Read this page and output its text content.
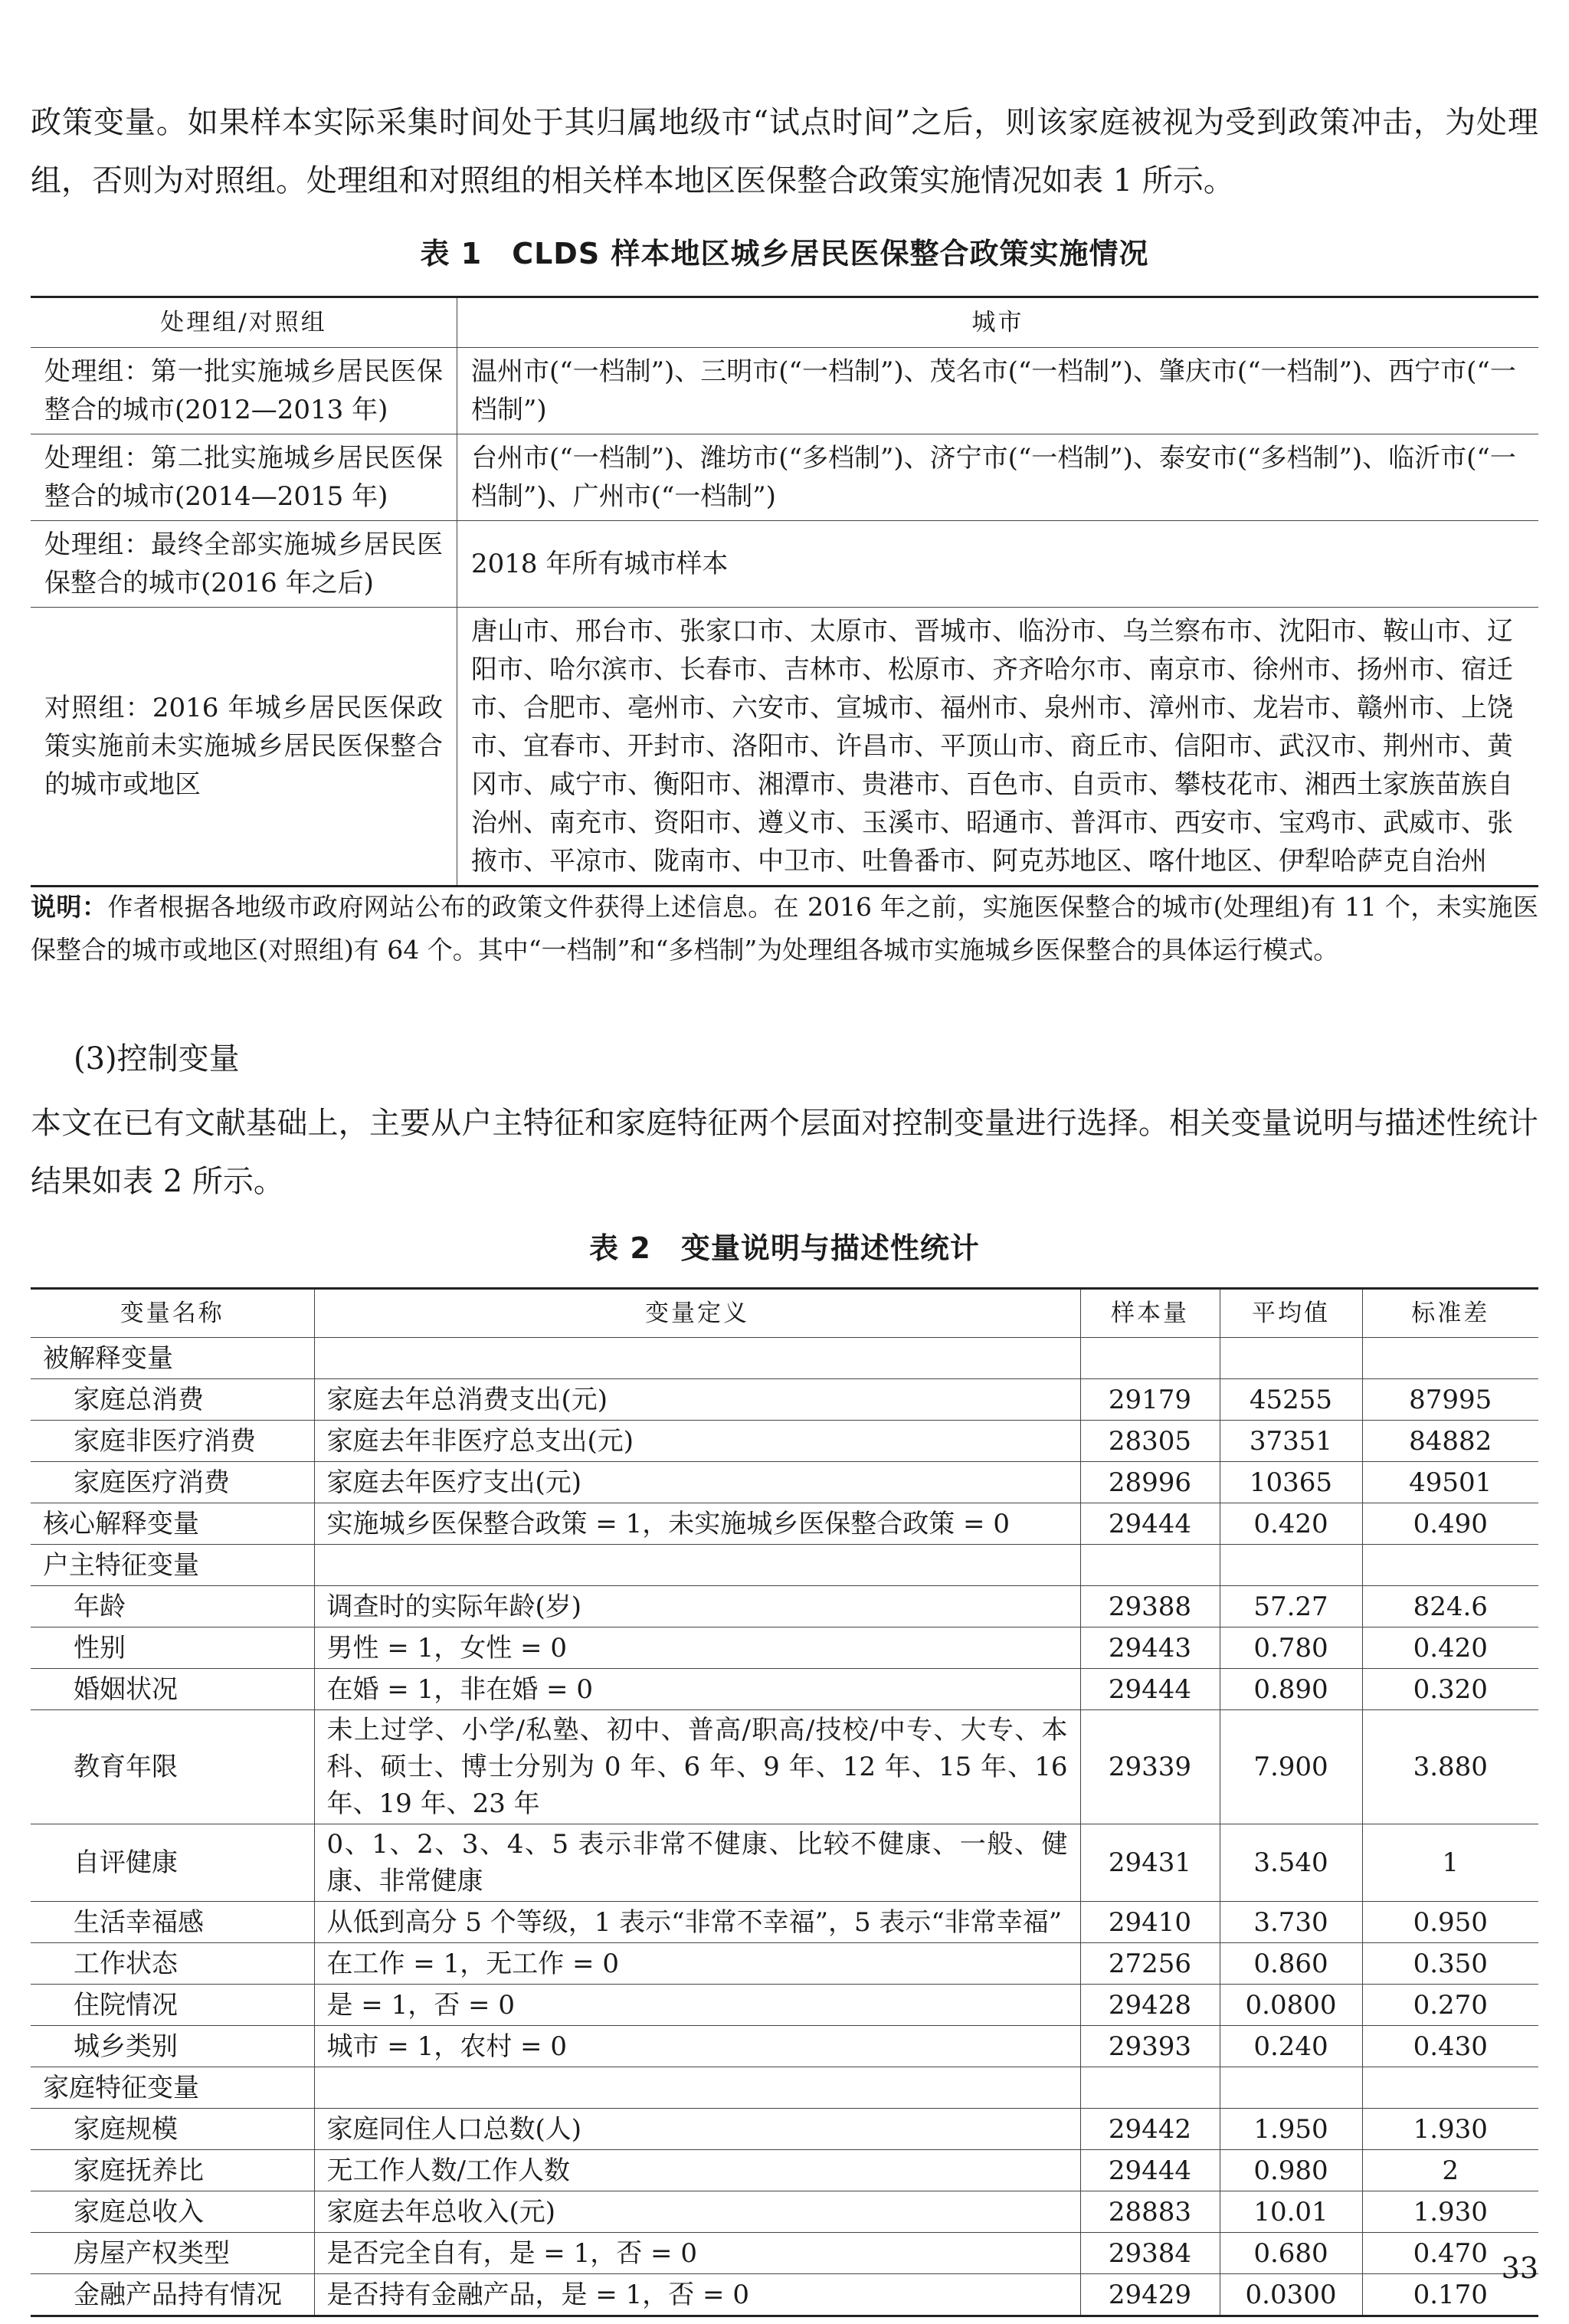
政策变量。如果样本实际采集时间处于其归属地级市“试点时间”之后，则该家庭被视为受到政策冲击，为处理组，否则为对照组。处理组和对照组的相关样本地区医保整合政策实施情况如表 1 所示。

表 1　CLDS 样本地区城乡居民医保整合政策实施情况
处理组/对照组	城市
处理组：第一批实施城乡居民医保整合的城市(2012—2013 年)	温州市(“一档制”)、三明市(“一档制”)、茂名市(“一档制”)、肇庆市(“一档制”)、西宁市(“一档制”)
处理组：第二批实施城乡居民医保整合的城市(2014—2015 年)	台州市(“一档制”)、潍坊市(“多档制”)、济宁市(“一档制”)、泰安市(“多档制”)、临沂市(“一档制”)、广州市(“一档制”)
处理组：最终全部实施城乡居民医保整合的城市(2016 年之后)	2018 年所有城市样本
对照组：2016 年城乡居民医保政策实施前未实施城乡居民医保整合的城市或地区	唐山市、邢台市、张家口市、太原市、晋城市、临汾市、乌兰察布市、沈阳市、鞍山市、辽阳市、哈尔滨市、长春市、吉林市、松原市、齐齐哈尔市、南京市、徐州市、扬州市、宿迁市、合肥市、亳州市、六安市、宣城市、福州市、泉州市、漳州市、龙岩市、赣州市、上饶市、宜春市、开封市、洛阳市、许昌市、平顶山市、商丘市、信阳市、武汉市、荆州市、黄冈市、咸宁市、衡阳市、湘潭市、贵港市、百色市、自贡市、攀枝花市、湘西土家族苗族自治州、南充市、资阳市、遵义市、玉溪市、昭通市、普洱市、西安市、宝鸡市、武威市、张掖市、平凉市、陇南市、中卫市、吐鲁番市、阿克苏地区、喀什地区、伊犁哈萨克自治州

说明：作者根据各地级市政府网站公布的政策文件获得上述信息。在 2016 年之前，实施医保整合的城市(处理组)有 11 个，未实施医保整合的城市或地区(对照组)有 64 个。其中“一档制”和“多档制”为处理组各城市实施城乡医保整合的具体运行模式。

(3)控制变量

本文在已有文献基础上，主要从户主特征和家庭特征两个层面对控制变量进行选择。相关变量说明与描述性统计结果如表 2 所示。

表 2　变量说明与描述性统计
变量名称	变量定义	样本量	平均值	标准差
被解释变量				
家庭总消费	家庭去年总消费支出(元)	29179	45255	87995
家庭非医疗消费	家庭去年非医疗总支出(元)	28305	37351	84882
家庭医疗消费	家庭去年医疗支出(元)	28996	10365	49501
核心解释变量	实施城乡医保整合政策 = 1，未实施城乡医保整合政策 = 0	29444	0.420	0.490
户主特征变量				
年龄	调查时的实际年龄(岁)	29388	57.27	824.6
性别	男性 = 1，女性 = 0	29443	0.780	0.420
婚姻状况	在婚 = 1，非在婚 = 0	29444	0.890	0.320
教育年限	未上过学、小学/私塾、初中、普高/职高/技校/中专、大专、本科、硕士、博士分别为 0 年、6 年、9 年、12 年、15 年、16 年、19 年、23 年	29339	7.900	3.880
自评健康	0、1、2、3、4、5 表示非常不健康、比较不健康、一般、健康、非常健康	29431	3.540	1
生活幸福感	从低到高分 5 个等级，1 表示“非常不幸福”，5 表示“非常幸福”	29410	3.730	0.950
工作状态	在工作 = 1，无工作 = 0	27256	0.860	0.350
住院情况	是 = 1，否 = 0	29428	0.0800	0.270
城乡类别	城市 = 1，农村 = 0	29393	0.240	0.430
家庭特征变量				
家庭规模	家庭同住人口总数(人)	29442	1.950	1.930
家庭抚养比	无工作人数/工作人数	29444	0.980	2
家庭总收入	家庭去年总收入(元)	28883	10.01	1.930
房屋产权类型	是否完全自有，是 = 1，否 = 0	29384	0.680	0.470
金融产品持有情况	是否持有金融产品，是 = 1，否 = 0	29429	0.0300	0.170
33
